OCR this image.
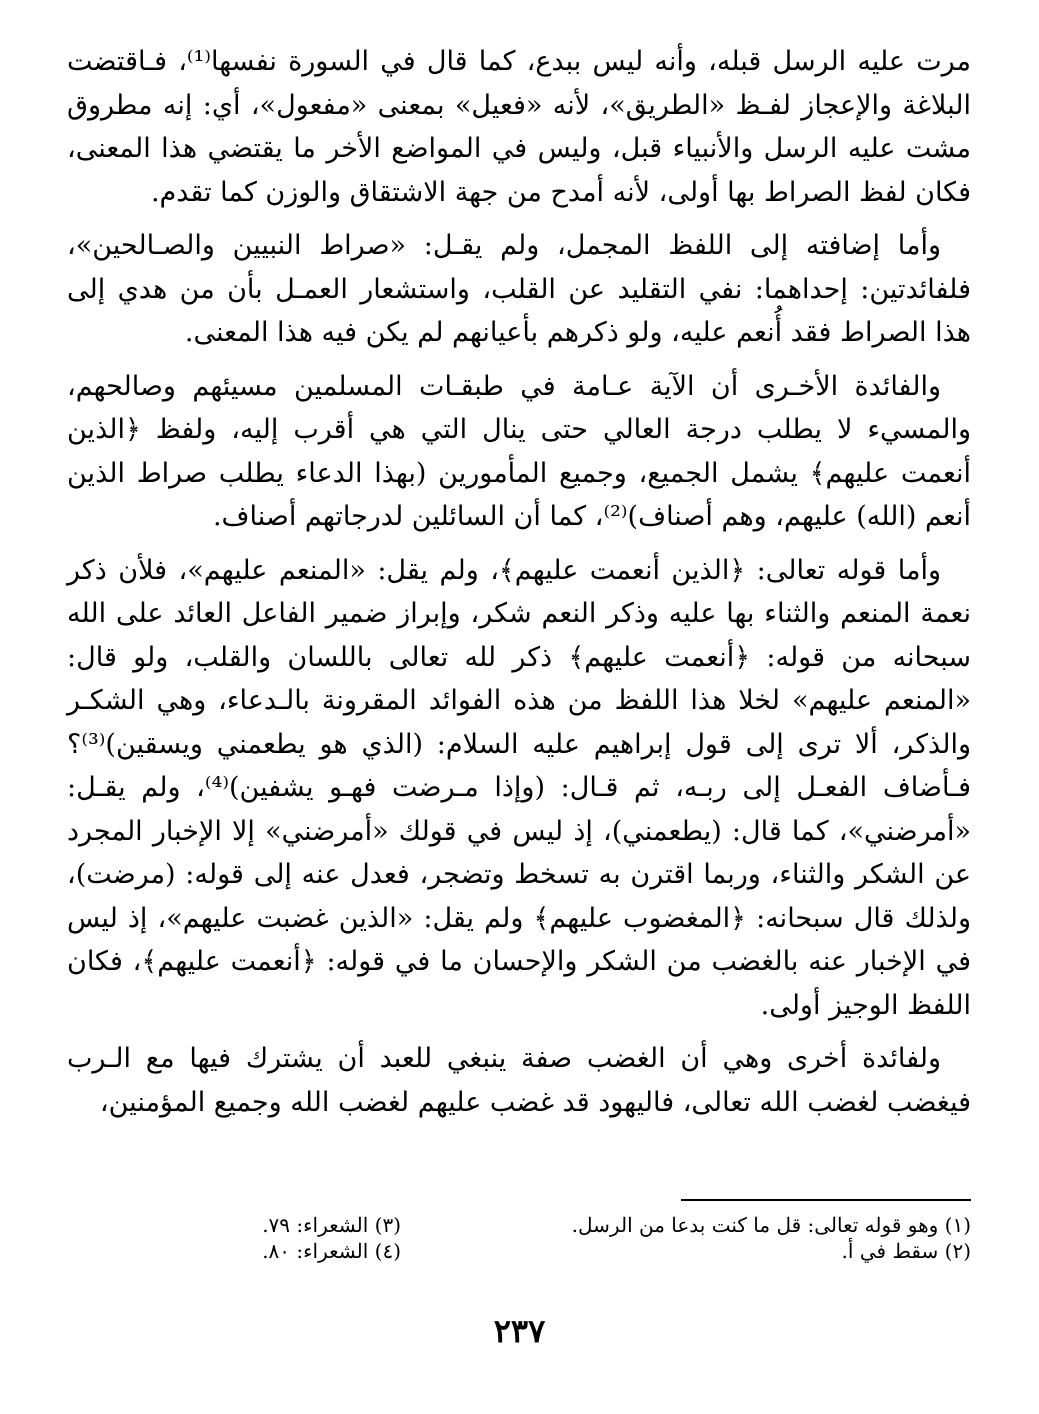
مرت عليه الرسل قبله، وأنه ليس ببدع، كما قال في السورة نفسها⁽¹⁾، فـاقتضت البلاغة والإعجاز لفـظ «الطريق»، لأنه «فعيل» بمعنى «مفعول»، أي: إنه مطروق مشت عليه الرسل والأنبياء قبل، وليس في المواضع الأخر ما يقتضي هذا المعنى، فكان لفظ الصراط بها أولى، لأنه أمدح من جهة الاشتقاق والوزن كما تقدم.

وأما إضافته إلى اللفظ المجمل، ولم يقـل: «صراط النبيين والصـالحين»، فلفائدتين: إحداهما: نفي التقليد عن القلب، واستشعار العمـل بأن من هدي إلى هذا الصراط فقد أُنعم عليه، ولو ذكرهم بأعيانهم لم يكن فيه هذا المعنى.

والفائدة الأخـرى أن الآية عـامة في طبقـات المسلمين مسيئهم وصالحهم، والمسيء لا يطلب درجة العالي حتى ينال التي هي أقرب إليه، ولفظ ﴿الذين أنعمت عليهم﴾ يشمل الجميع، وجميع المأمورين (بهذا الدعاء يطلب صراط الذين أنعم (الله) عليهم، وهم أصناف)⁽²⁾، كما أن السائلين لدرجاتهم أصناف.

وأما قوله تعالى: ﴿الذين أنعمت عليهم﴾، ولم يقل: «المنعم عليهم»، فلأن ذكر نعمة المنعم والثناء بها عليه وذكر النعم شكر، وإبراز ضمير الفاعل العائد على الله سبحانه من قوله: ﴿أنعمت عليهم﴾ ذكر لله تعالى باللسان والقلب، ولو قال: «المنعم عليهم» لخلا هذا اللفظ من هذه الفوائد المقرونة بالـدعاء، وهي الشكـر والذكر، ألا ترى إلى قول إبراهيم عليه السلام: (الذي هو يطعمني ويسقين)⁽³⁾؟ فـأضاف الفعـل إلى ربـه، ثم قـال: (وإذا مـرضت فهـو يشفين)⁽⁴⁾، ولم يقـل: «أمرضني»، كما قال: (يطعمني)، إذ ليس في قولك «أمرضني» إلا الإخبار المجرد عن الشكر والثناء، وربما اقترن به تسخط وتضجر، فعدل عنه إلى قوله: (مرضت)، ولذلك قال سبحانه: ﴿المغضوب عليهم﴾ ولم يقل: «الذين غضبت عليهم»، إذ ليس في الإخبار عنه بالغضب من الشكر والإحسان ما في قوله: ﴿أنعمت عليهم﴾، فكان اللفظ الوجيز أولى.

ولفائدة أخرى وهي أن الغضب صفة ينبغي للعبد أن يشترك فيها مع الـرب فيغضب لغضب الله تعالى، فاليهود قد غضب عليهم لغضب الله وجميع المؤمنين،

(١) وهو قوله تعالى: قل ما كنت بدعا من الرسل.

(٢) سقط في أ.

(٣) الشعراء: ٧٩.

(٤) الشعراء: ٨٠.

٢٣٧
